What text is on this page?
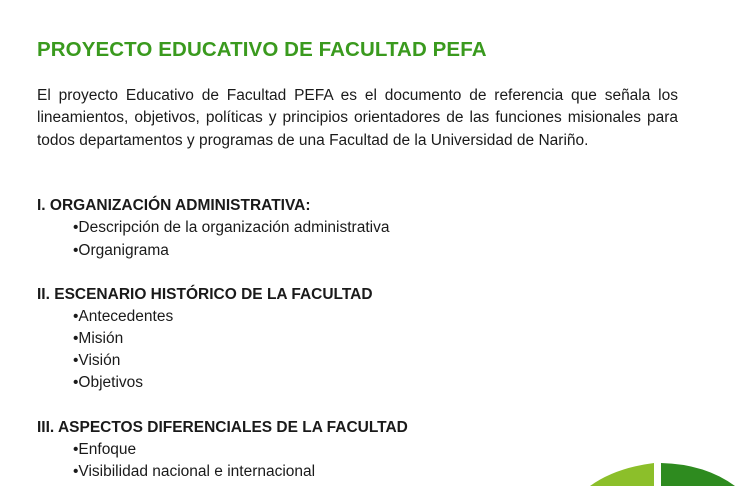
PROYECTO EDUCATIVO DE FACULTAD PEFA

El proyecto Educativo de Facultad PEFA es el documento de referencia que señala los lineamientos, objetivos, políticas y principios orientadores de las funciones misionales para todos departamentos y programas de una Facultad de la Universidad de Nariño.

I. ORGANIZACIÓN ADMINISTRATIVA:

•Descripción de la organización administrativa

•Organigrama

II. ESCENARIO HISTÓRICO DE LA FACULTAD

•Antecedentes

•Misión

•Visión

•Objetivos

III. ASPECTOS DIFERENCIALES DE LA FACULTAD

•Enfoque

•Visibilidad nacional e internacional
